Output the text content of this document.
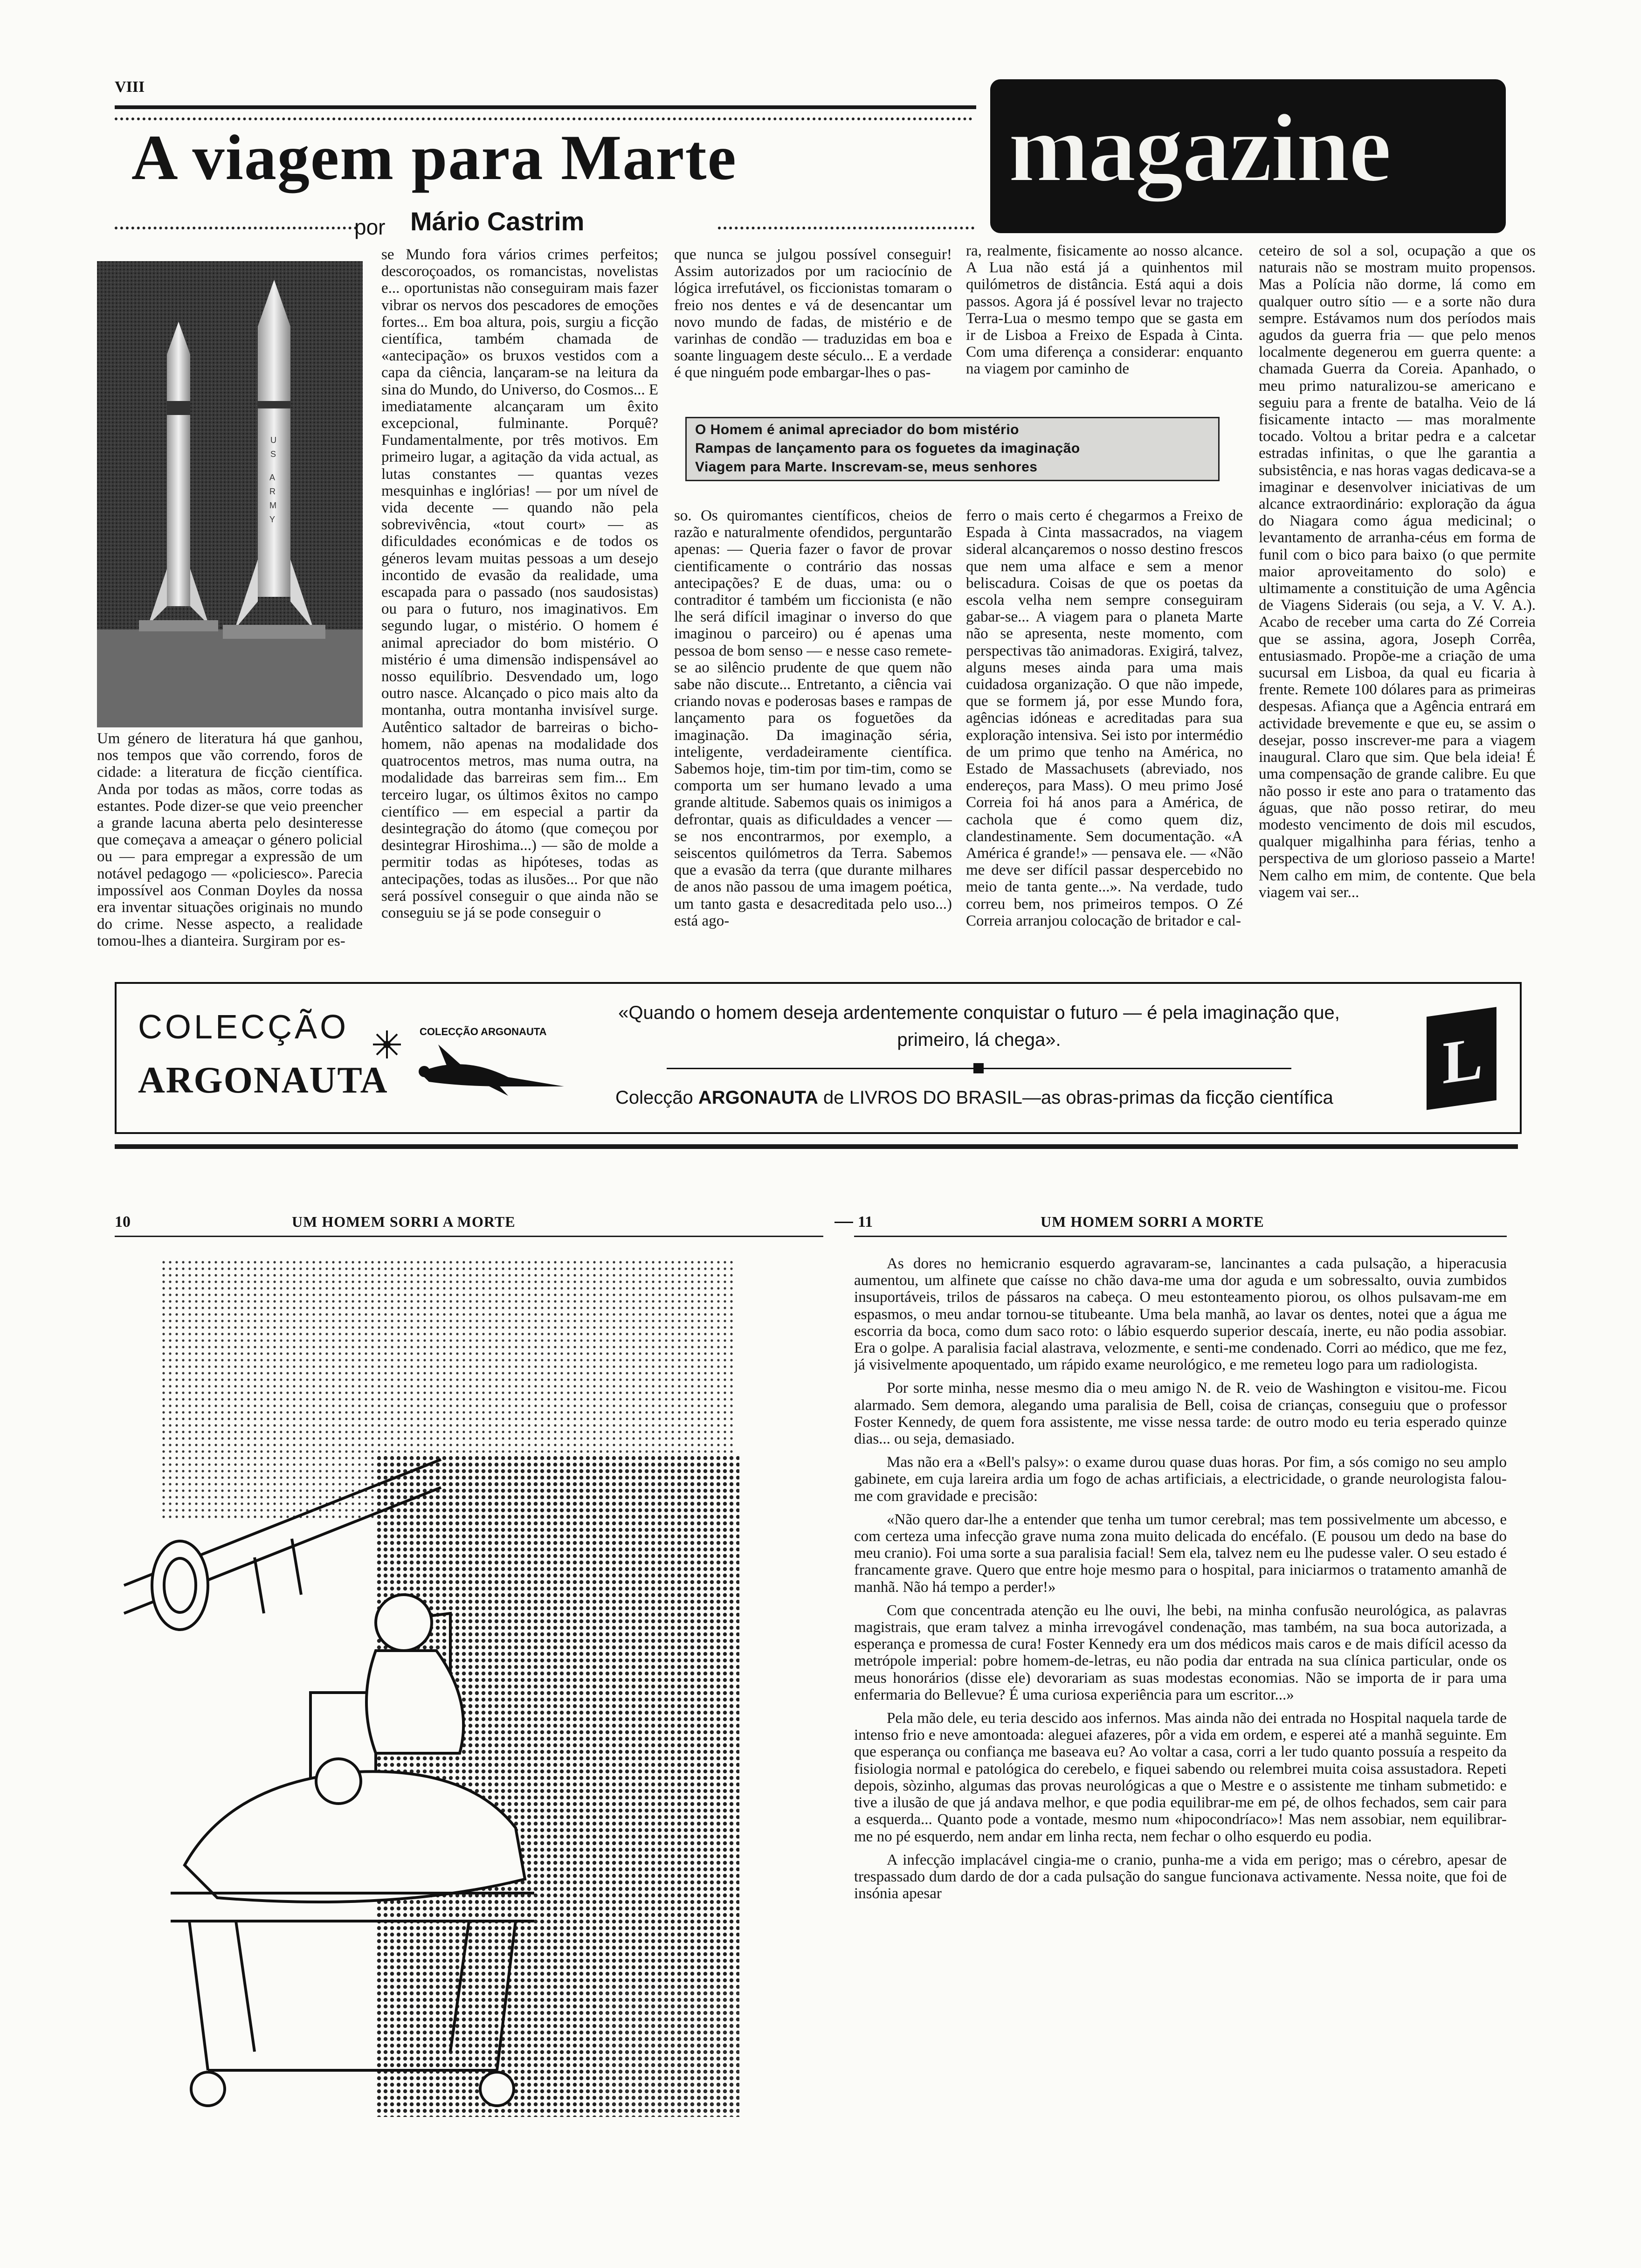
VIII
A viagem para Marte
por Mário Castrim
magazine
U
S
A
R
M
Y
Um género de literatura há que ganhou, nos tempos que vão correndo, foros de cidade: a literatura de ficção científica. Anda por todas as mãos, corre todas as estantes. Pode dizer-se que veio preencher a grande lacuna aberta pelo desinteresse que começava a ameaçar o género policial ou — para empregar a expressão de um notável pedagogo — «policiesco». Parecia impossível aos Conman Doyles da nossa era inventar situações originais no mundo do crime. Nesse aspecto, a realidade tomou-lhes a dianteira. Surgiram por es-
se Mundo fora vários crimes perfeitos; descoroçoados, os romancistas, novelistas e... oportunistas não conseguiram mais fazer vibrar os nervos dos pescadores de emoções fortes... Em boa altura, pois, surgiu a ficção científica, também chamada de «antecipação» os bruxos vestidos com a capa da ciência, lançaram-se na leitura da sina do Mundo, do Universo, do Cosmos... E imediatamente alcançaram um êxito excepcional, fulminante. Porquê? Fundamentalmente, por três motivos. Em primeiro lugar, a agitação da vida actual, as lutas constantes — quantas vezes mesquinhas e inglórias! — por um nível de vida decente — quando não pela sobrevivência, «tout court» — as dificuldades económicas e de todos os géneros levam muitas pessoas a um desejo incontido de evasão da realidade, uma escapada para o passado (nos saudosistas) ou para o futuro, nos imaginativos. Em segundo lugar, o mistério. O homem é animal apreciador do bom mistério. O mistério é uma dimensão indispensável ao nosso equilíbrio. Desvendado um, logo outro nasce. Alcançado o pico mais alto da montanha, outra montanha invisível surge. Autêntico saltador de barreiras o bicho-homem, não apenas na modalidade dos quatrocentos metros, mas numa outra, na modalidade das barreiras sem fim... Em terceiro lugar, os últimos êxitos no campo científico — em especial a partir da desintegração do átomo (que começou por desintegrar Hiroshima...) — são de molde a permitir todas as hipóteses, todas as antecipações, todas as ilusões... Por que não será possível conseguir o que ainda não se conseguiu se já se pode conseguir o
que nunca se julgou possível conseguir! Assim autorizados por um raciocínio de lógica irrefutável, os ficcionistas tomaram o freio nos dentes e vá de desencantar um novo mundo de fadas, de mistério e de varinhas de condão — traduzidas em boa e soante linguagem deste século... E a verdade é que ninguém pode embargar-lhes o pas-
ra, realmente, fisicamente ao nosso alcance. A Lua não está já a quinhentos mil quilómetros de distância. Está aqui a dois passos. Agora já é possível levar no trajecto Terra-Lua o mesmo tempo que se gasta em ir de Lisboa a Freixo de Espada à Cinta. Com uma diferença a considerar: enquanto na viagem por caminho de
O Homem é animal apreciador do bom mistério
Rampas de lançamento para os foguetes da imaginação
Viagem para Marte. Inscrevam-se, meus senhores
so. Os quiromantes científicos, cheios de razão e naturalmente ofendidos, perguntarão apenas: — Queria fazer o favor de provar cientificamente o contrário das nossas antecipações? E de duas, uma: ou o contraditor é também um ficcionista (e não lhe será difícil imaginar o inverso do que imaginou o parceiro) ou é apenas uma pessoa de bom senso — e nesse caso remete-se ao silêncio prudente de que quem não sabe não discute... Entretanto, a ciência vai criando novas e poderosas bases e rampas de lançamento para os foguetões da imaginação. Da imaginação séria, inteligente, verdadeiramente científica. Sabemos hoje, tim-tim por tim-tim, como se comporta um ser humano levado a uma grande altitude. Sabemos quais os inimigos a defrontar, quais as dificuldades a vencer — se nos encontrarmos, por exemplo, a seiscentos quilómetros da Terra. Sabemos que a evasão da terra (que durante milhares de anos não passou de uma imagem poética, um tanto gasta e desacreditada pelo uso...) está ago-
ferro o mais certo é chegarmos a Freixo de Espada à Cinta massacrados, na viagem sideral alcançaremos o nosso destino frescos que nem uma alface e sem a menor beliscadura. Coisas de que os poetas da escola velha nem sempre conseguiram gabar-se... A viagem para o planeta Marte não se apresenta, neste momento, com perspectivas tão animadoras. Exigirá, talvez, alguns meses ainda para uma mais cuidadosa organização. O que não impede, que se formem já, por esse Mundo fora, agências idóneas e acreditadas para sua exploração intensiva. Sei isto por intermédio de um primo que tenho na América, no Estado de Massachusets (abreviado, nos endereços, para Mass). O meu primo José Correia foi há anos para a América, de cachola que é como quem diz, clandestinamente. Sem documentação. «A América é grande!» — pensava ele. — «Não me deve ser difícil passar despercebido no meio de tanta gente...». Na verdade, tudo correu bem, nos primeiros tempos. O Zé Correia arranjou colocação de britador e cal-
ceteiro de sol a sol, ocupação a que os naturais não se mostram muito propensos. Mas a Polícia não dorme, lá como em qualquer outro sítio — e a sorte não dura sempre. Estávamos num dos períodos mais agudos da guerra fria — que pelo menos localmente degenerou em guerra quente: a chamada Guerra da Coreia. Apanhado, o meu primo naturalizou-se americano e seguiu para a frente de batalha. Veio de lá fisicamente intacto — mas moralmente tocado. Voltou a britar pedra e a calcetar estradas infinitas, o que lhe garantia a subsistência, e nas horas vagas dedicava-se a imaginar e desenvolver iniciativas de um alcance extraordinário: exploração da água do Niagara como água medicinal; o levantamento de arranha-céus em forma de funil com o bico para baixo (o que permite maior aproveitamento do solo) e ultimamente a constituição de uma Agência de Viagens Siderais (ou seja, a V. V. A.). Acabo de receber uma carta do Zé Correia que se assina, agora, Joseph Corrêa, entusiasmado. Propõe-me a criação de uma sucursal em Lisboa, da qual eu ficaria à frente. Remete 100 dólares para as primeiras despesas. Afiança que a Agência entrará em actividade brevemente e que eu, se assim o desejar, posso inscrever-me para a viagem inaugural. Claro que sim. Que bela ideia! É uma compensação de grande calibre. Eu que não posso ir este ano para o tratamento das águas, que não posso retirar, do meu modesto vencimento de dois mil escudos, qualquer migalhinha para férias, tenho a perspectiva de um glorioso passeio a Marte! Nem calho em mim, de contente. Que bela viagem vai ser...
COLECÇÃO
ARGONAUTA
COLECÇÃO ARGONAUTA
«Quando o homem deseja ardentemente conquistar o futuro — é pela imaginação que,
primeiro, lá chega».
Colecção ARGONAUTA de LIVROS DO BRASIL—as obras-primas da ficção científica
L
10	UM HOMEM SORRI A MORTE	11	UM HOMEM SORRI A MORTE

As dores no hemicranio esquerdo agravaram-se, lancinantes a cada pulsação, a hiperacusia aumentou, um alfinete que caísse no chão dava-me uma dor aguda e um sobressalto, ouvia zumbidos insuportáveis, trilos de pássaros na cabeça. O meu estonteamento piorou, os olhos pulsavam-me em espasmos, o meu andar tornou-se titubeante. Uma bela manhã, ao lavar os dentes, notei que a água me escorria da boca, como dum saco roto: o lábio esquerdo superior descaía, inerte, eu não podia assobiar. Era o golpe. A paralisia facial alastrava, velozmente, e senti-me condenado. Corri ao médico, que me fez, já visivelmente apoquentado, um rápido exame neurológico, e me remeteu logo para um radiologista.

Por sorte minha, nesse mesmo dia o meu amigo N. de R. veio de Washington e visitou-me. Ficou alarmado. Sem demora, alegando uma paralisia de Bell, coisa de crianças, conseguiu que o professor Foster Kennedy, de quem fora assistente, me visse nessa tarde: de outro modo eu teria esperado quinze dias... ou seja, demasiado.

Mas não era a «Bell's palsy»: o exame durou quase duas horas. Por fim, a sós comigo no seu amplo gabinete, em cuja lareira ardia um fogo de achas artificiais, a electricidade, o grande neurologista falou-me com gravidade e precisão:

«Não quero dar-lhe a entender que tenha um tumor cerebral; mas tem possivelmente um abcesso, e com certeza uma infecção grave numa zona muito delicada do encéfalo. (E pousou um dedo na base do meu cranio). Foi uma sorte a sua paralisia facial! Sem ela, talvez nem eu lhe pudesse valer. O seu estado é francamente grave. Quero que entre hoje mesmo para o hospital, para iniciarmos o tratamento amanhã de manhã. Não há tempo a perder!»

Com que concentrada atenção eu lhe ouvi, lhe bebi, na minha confusão neurológica, as palavras magistrais, que eram talvez a minha irrevogável condenação, mas também, na sua boca autorizada, a esperança e promessa de cura! Foster Kennedy era um dos médicos mais caros e de mais difícil acesso da metrópole imperial: pobre homem-de-letras, eu não podia dar entrada na sua clínica particular, onde os meus honorários (disse ele) devorariam as suas modestas economias. Não se importa de ir para uma enfermaria do Bellevue? É uma curiosa experiência para um escritor...»

Pela mão dele, eu teria descido aos infernos. Mas ainda não dei entrada no Hospital naquela tarde de intenso frio e neve amontoada: aleguei afazeres, pôr a vida em ordem, e esperei até a manhã seguinte. Em que esperança ou confiança me baseava eu? Ao voltar a casa, corri a ler tudo quanto possuía a respeito da fisiologia normal e patológica do cerebelo, e fiquei sabendo ou relembrei muita coisa assustadora. Repeti depois, sòzinho, algumas das provas neurológicas a que o Mestre e o assistente me tinham submetido: e tive a ilusão de que já andava melhor, e que podia equilibrar-me em pé, de olhos fechados, sem cair para a esquerda... Quanto pode a vontade, mesmo num «hipocondríaco»! Mas nem assobiar, nem equilibrar-me no pé esquerdo, nem andar em linha recta, nem fechar o olho esquerdo eu podia.

A infecção implacável cingia-me o cranio, punha-me a vida em perigo; mas o cérebro, apesar de trespassado dum dardo de dor a cada pulsação do sangue funcionava activamente. Nessa noite, que foi de insónia apesar
